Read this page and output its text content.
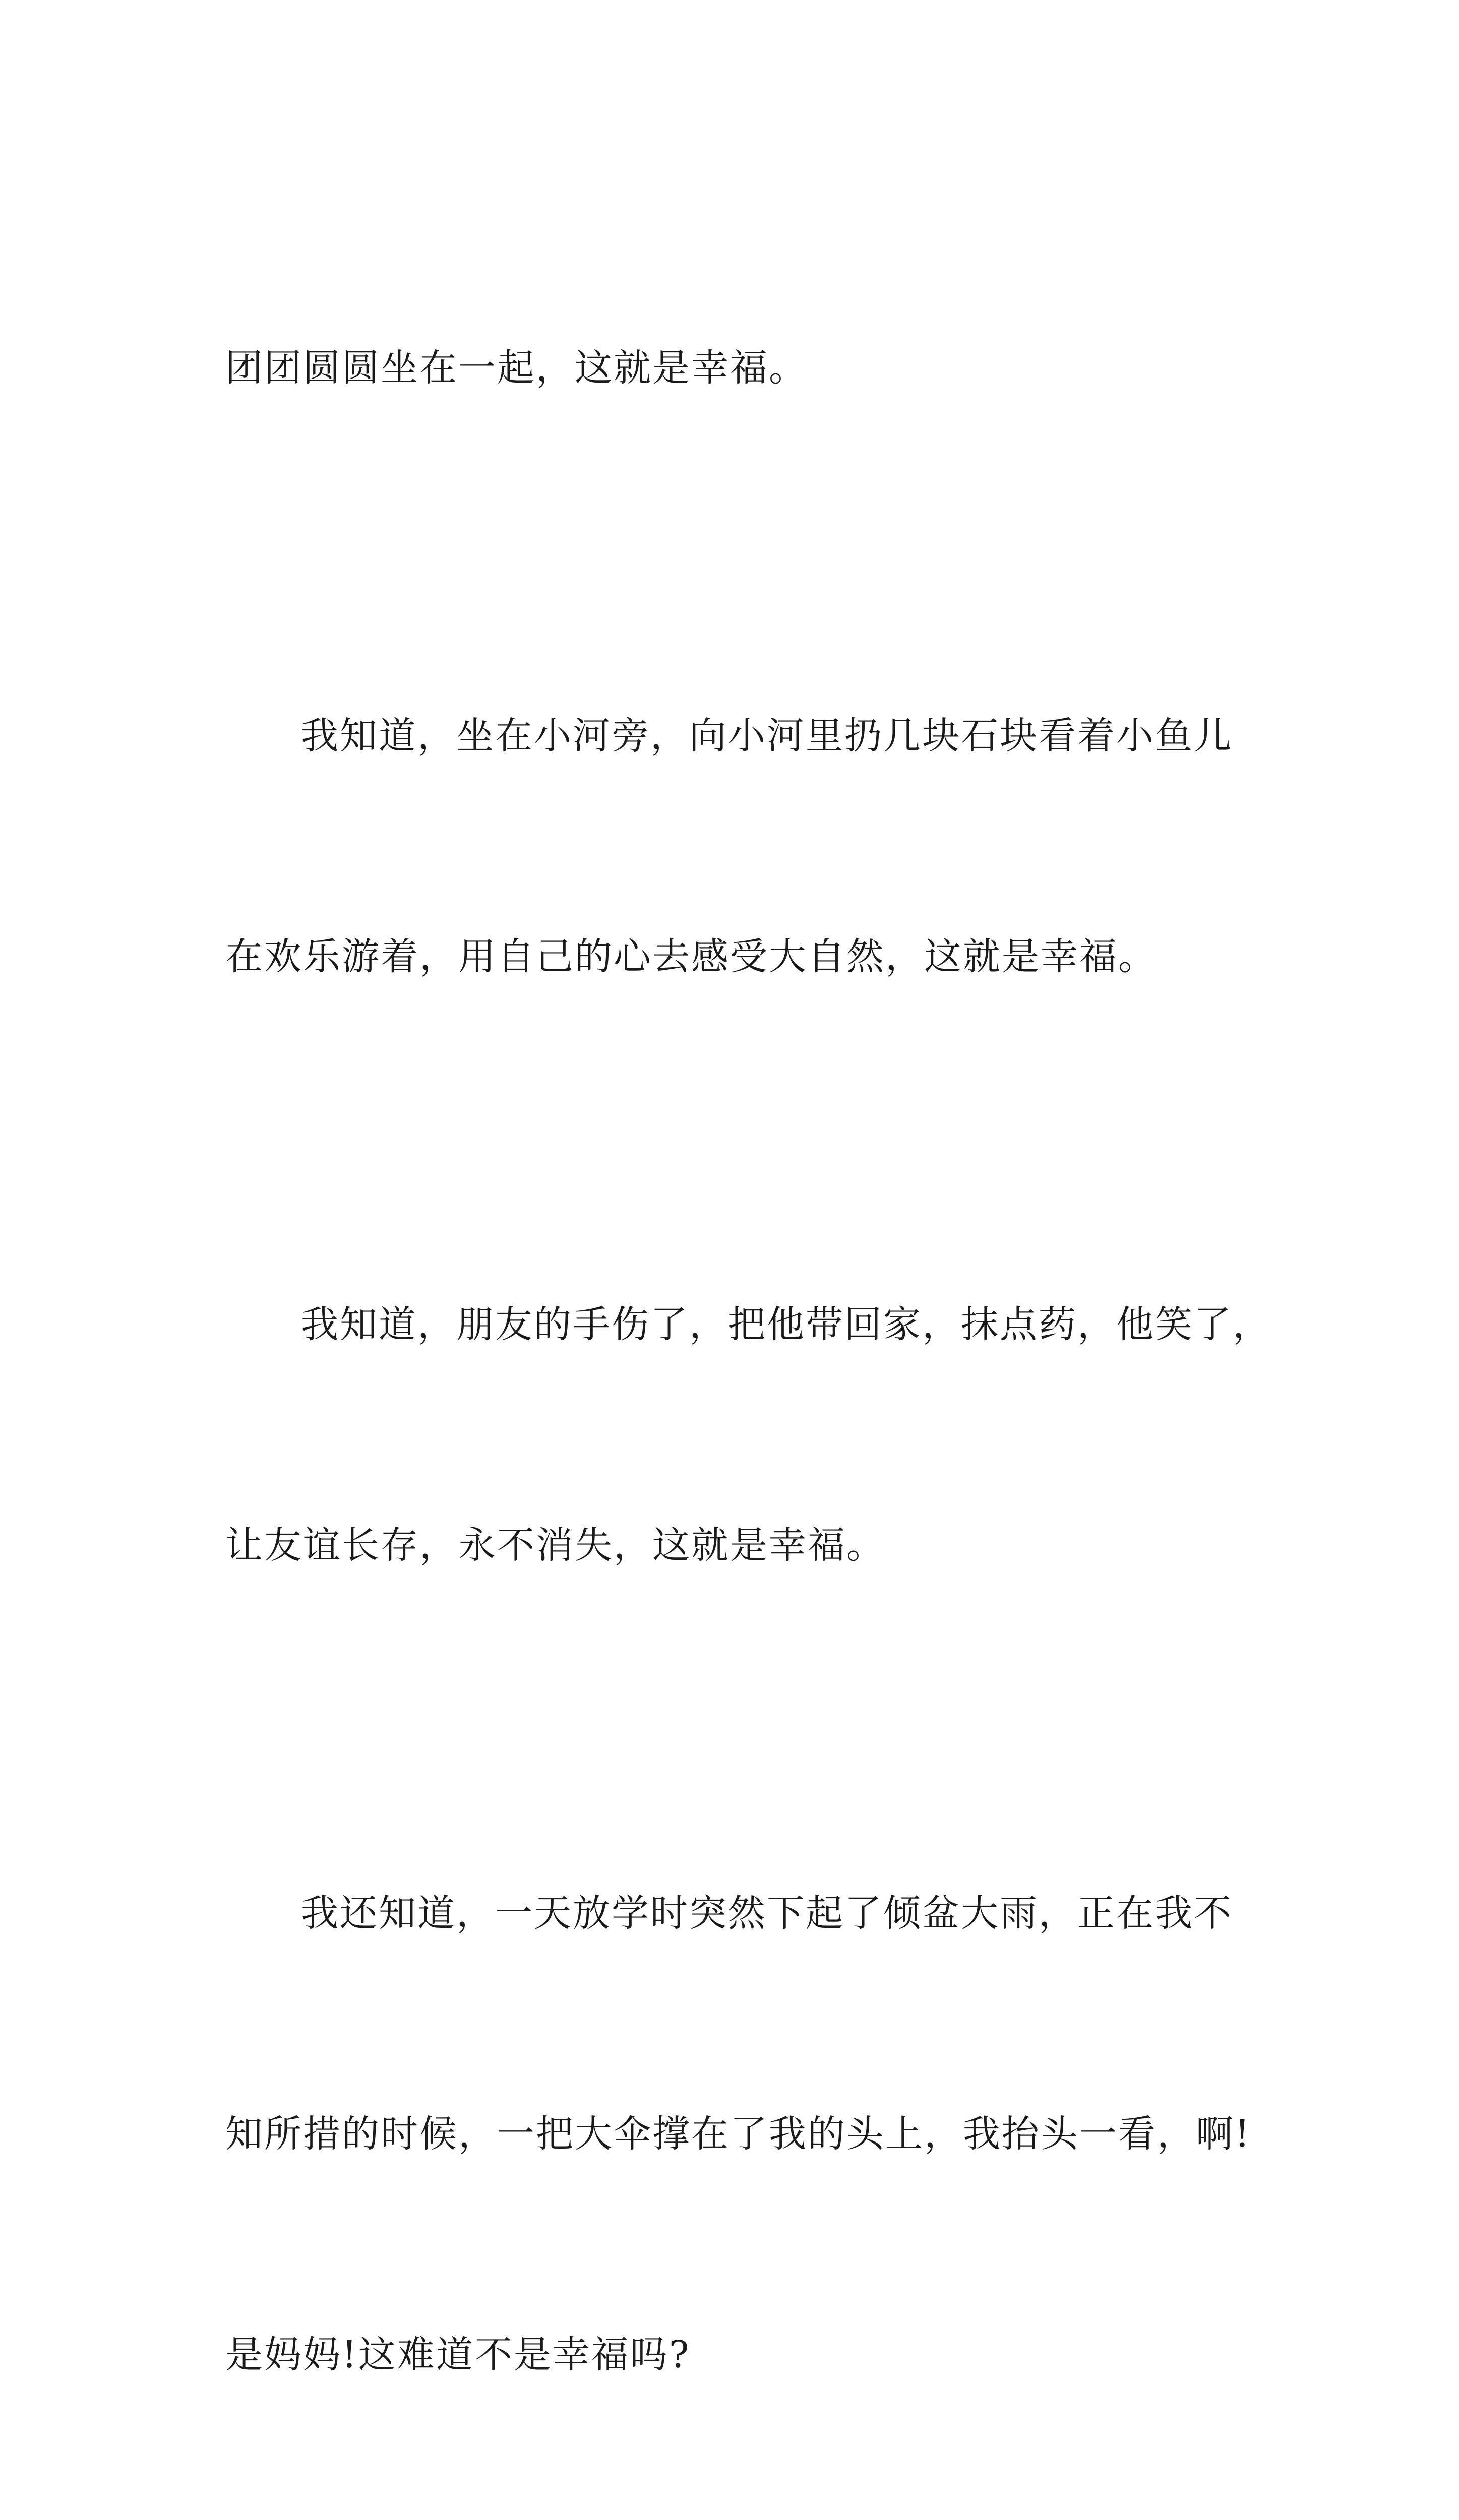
团团圆圆坐在一起，这就是幸福。

我知道，坐在小河旁，向小河里扔几块石块看着小鱼儿

在欢乐游着，用自己的心去感受大自然，这就是幸福。

我知道，朋友的手伤了，把他带回家，抹点药，他笑了，

让友谊长存，永不消失，这就是幸福。

我还知道，一天放学时突然下起了倾盆大雨，正在我不

知所措的时候，一把大伞撑在了我的头上，我抬头一看，啊!

是妈妈!这难道不是幸福吗?
